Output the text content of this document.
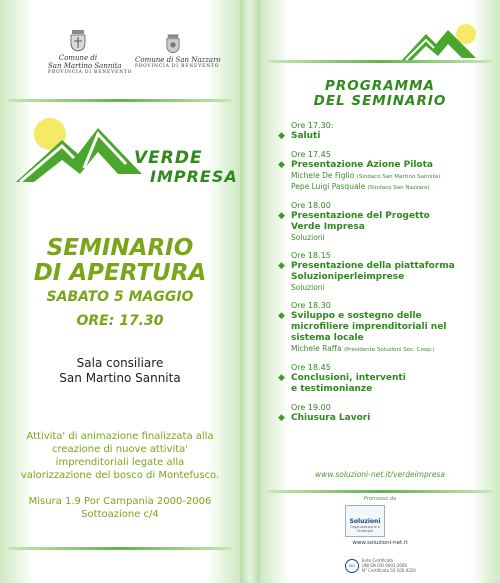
Comune di
San Martino Sannita
PROVINCIA DI BENEVENTO
Comune di San Nazzaro
PROVINCIA DI BENEVENTO
VERDE
IMPRESA
SEMINARIO
DI APERTURA
SABATO 5 MAGGIO
ORE: 17.30
Sala consiliare
San Martino Sannita
Attivita' di animazione finalizzata alla
creazione di nuove attivita'
imprenditoriali legate alla
valorizzazione del bosco di Montefusco.
Misura 1.9 Por Campania 2000-2006
Sottoazione c/4
PROGRAMMA
DEL SEMINARIO
Ore 17.30:
◆ Saluti
Ore 17.45
◆ Presentazione Azione Pilota
Michele De Figlio (Sindaco San Martino Sannita)
Pepe Luigi Pasquale (Sindaco San Nazzaro)
Ore 18.00
◆ Presentazione del Progetto
Verde Impresa
Soluzioni
Ore 18.15
◆ Presentazione della piattaforma
Soluzioniperleimprese
Soluzioni
Ore 18.30
◆ Sviluppo e sostegno delle
microfiliere imprenditoriali nel
sistema locale
Michele Raffa (Presidente Soluzioni Soc. Coop.)
Ore 18.45
◆ Conclusioni, interventi
e testimonianze
Ore 19.00
◆ Chiusura Lavori
www.soluzioni-net.it/verdeimpresa
Promosso da
Soluzioni
Organizzazione e Strategie
www.soluzioni-net.it
ISO
Ente Certificato
UNI EN ISO 9001:2000
N° Certificato 50 100 4320
